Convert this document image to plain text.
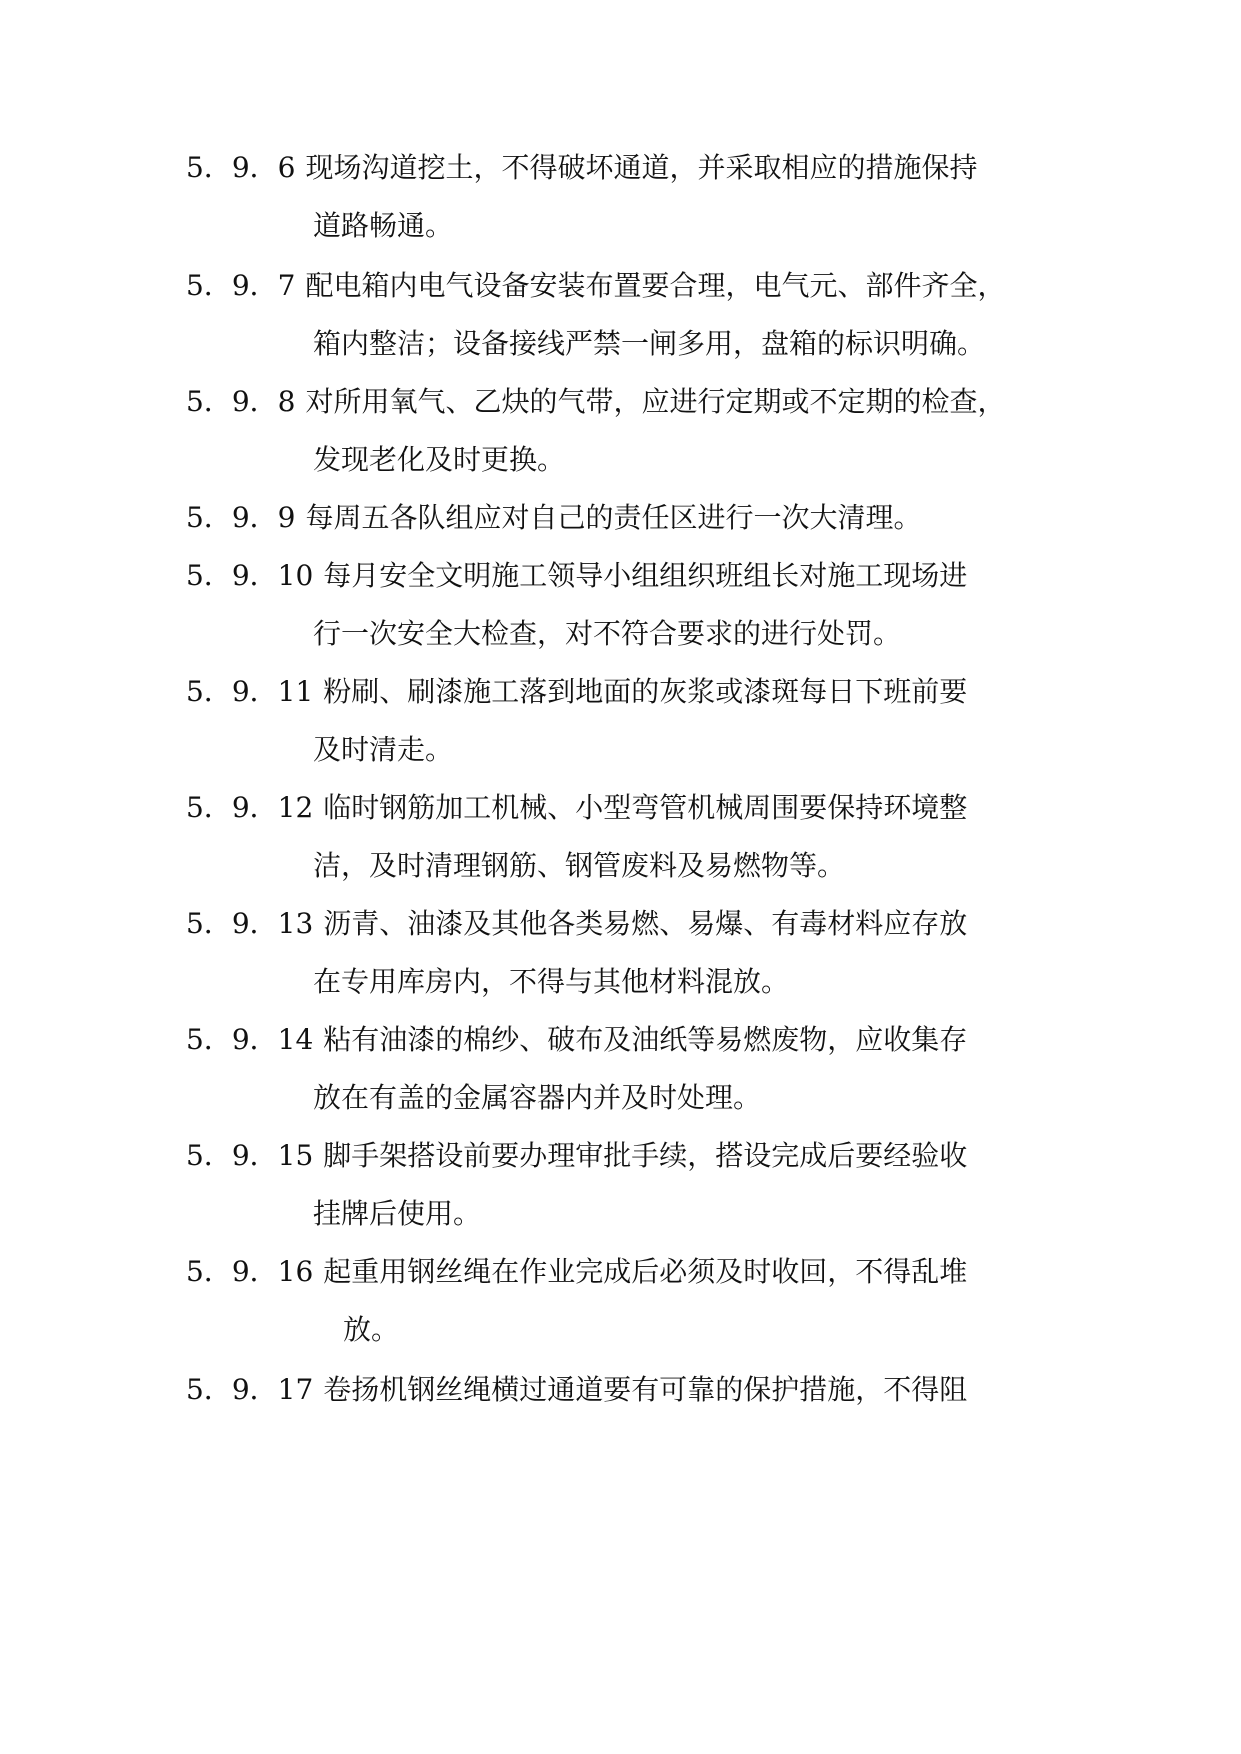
5．9．6 现场沟道挖土，不得破坏通道，并采取相应的措施保持
道路畅通。
5．9．7 配电箱内电气设备安装布置要合理，电气元、部件齐全，
箱内整洁；设备接线严禁一闸多用，盘箱的标识明确。
5．9．8 对所用氧气、乙炔的气带，应进行定期或不定期的检查，
发现老化及时更换。
5．9．9 每周五各队组应对自己的责任区进行一次大清理。
5．9．10 每月安全文明施工领导小组组织班组长对施工现场进
行一次安全大检查，对不符合要求的进行处罚。
5．9．11 粉刷、刷漆施工落到地面的灰浆或漆斑每日下班前要
及时清走。
5．9．12 临时钢筋加工机械、小型弯管机械周围要保持环境整
洁，及时清理钢筋、钢管废料及易燃物等。
5．9．13 沥青、油漆及其他各类易燃、易爆、有毒材料应存放
在专用库房内，不得与其他材料混放。
5．9．14 粘有油漆的棉纱、破布及油纸等易燃废物，应收集存
放在有盖的金属容器内并及时处理。
5．9．15 脚手架搭设前要办理审批手续，搭设完成后要经验收
挂牌后使用。
5．9．16 起重用钢丝绳在作业完成后必须及时收回，不得乱堆
放。
5．9．17 卷扬机钢丝绳横过通道要有可靠的保护措施，不得阻
